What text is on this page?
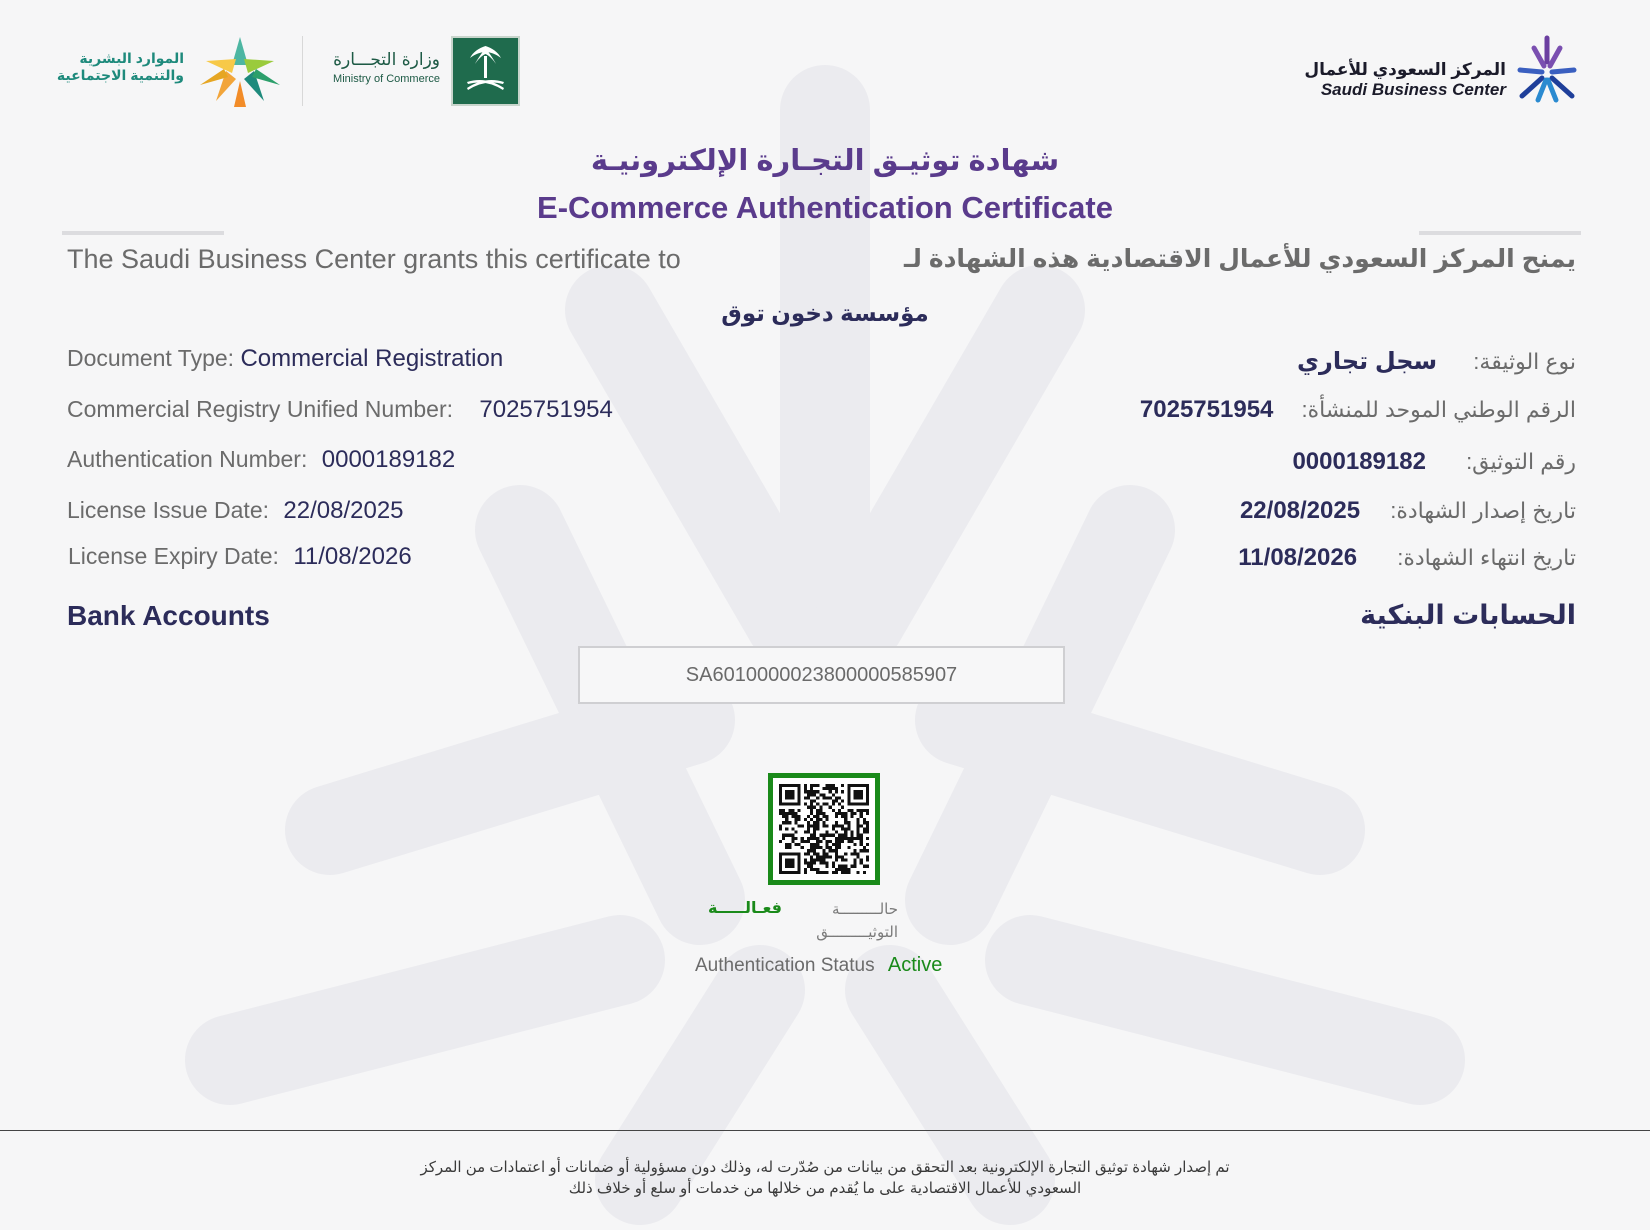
الموارد البشرية
والتنمية الاجتماعية
وزارة التجـــارة
Ministry of Commerce	المركز السعودي للأعمال
Saudi Business Center
شهادة توثيـق التجـارة الإلكترونيـة
E-Commerce Authentication Certificate
The Saudi Business Center grants this certificate to	يمنح المركز السعودي للأعمال الاقتصادية هذه الشهادة لـ
مؤسسة دخون توق
Document Type: Commercial Registration	نوع الوثيقة: سجل تجاري
Commercial Registry Unified Number: 7025751954	الرقم الوطني الموحد للمنشأة: 7025751954
Authentication Number: 0000189182	رقم التوثيق: 0000189182
License Issue Date: 22/08/2025	تاريخ إصدار الشهادة: 22/08/2025
License Expiry Date: 11/08/2026	تاريخ انتهاء الشهادة: 11/08/2026
Bank Accounts	الحسابات البنكية
SA6010000023800000585907
حالـــــــــة
التوثيـــــــــق
فعـالـــــة
Authentication Status Active
تم إصدار شهادة توثيق التجارة الإلكترونية بعد التحقق من بيانات من صُدّرت له، وذلك دون مسؤولية أو ضمانات أو اعتمادات من المركز
السعودي للأعمال الاقتصادية على ما يُقدم من خلالها من خدمات أو سلع أو خلاف ذلك
